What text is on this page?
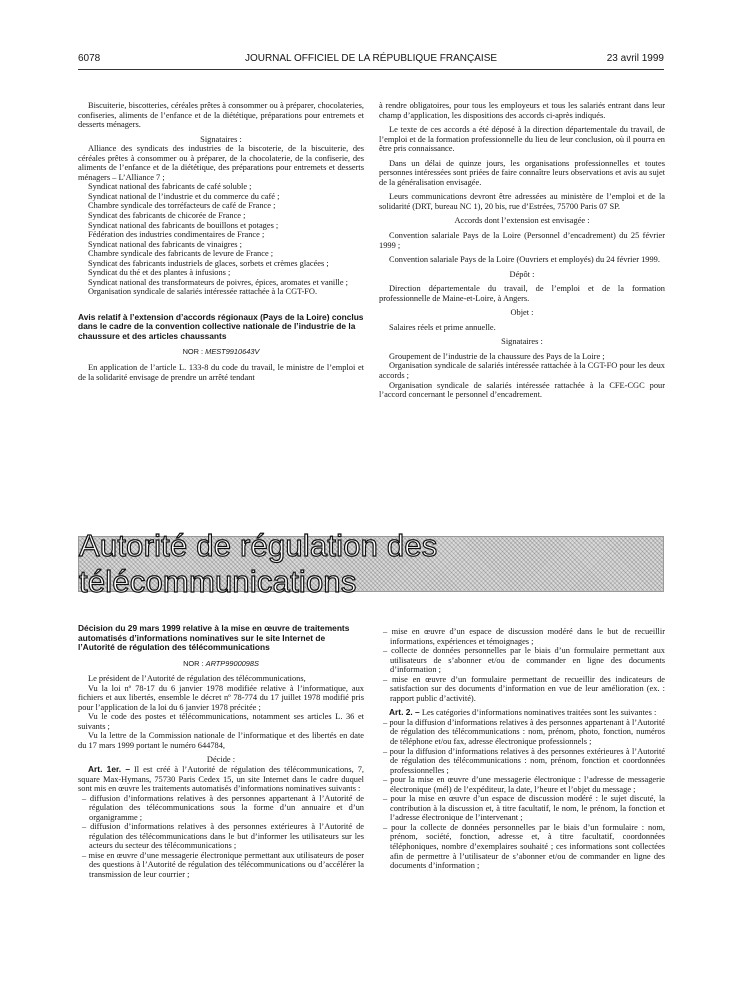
6078	JOURNAL OFFICIEL DE LA RÉPUBLIQUE FRANÇAISE	23 avril 1999

Biscuiterie, biscotteries, céréales prêtes à consommer ou à préparer, chocolateries, confiseries, aliments de l’enfance et de la diététique, préparations pour entremets et desserts ménagers.

Signataires :

Alliance des syndicats des industries de la biscoterie, de la biscuiterie, des céréales prêtes à consommer ou à préparer, de la chocolaterie, de la confiserie, des aliments de l’enfance et de la diététique, des préparations pour entremets et desserts ménagers – L’Alliance 7 ;

Syndicat national des fabricants de café soluble ;

Syndicat national de l’industrie et du commerce du café ;

Chambre syndicale des torréfacteurs de café de France ;

Syndicat des fabricants de chicorée de France ;

Syndicat national des fabricants de bouillons et potages ;

Fédération des industries condimentaires de France ;

Syndicat national des fabricants de vinaigres ;

Chambre syndicale des fabricants de levure de France ;

Syndicat des fabricants industriels de glaces, sorbets et crèmes glacées ;

Syndicat du thé et des plantes à infusions ;

Syndicat national des transformateurs de poivres, épices, aromates et vanille ;

Organisation syndicale de salariés intéressée rattachée à la CGT-FO.

Avis relatif à l’extension d’accords régionaux (Pays de la Loire) conclus dans le cadre de la convention collective nationale de l’industrie de la chaussure et des articles chaussants

NOR : MEST9910643V

En application de l’article L. 133-8 du code du travail, le ministre de l’emploi et de la solidarité envisage de prendre un arrêté tendant

à rendre obligatoires, pour tous les employeurs et tous les salariés entrant dans leur champ d’application, les dispositions des accords ci-après indiqués.

Le texte de ces accords a été déposé à la direction départementale du travail, de l’emploi et de la formation professionnelle du lieu de leur conclusion, où il pourra en être pris connaissance.

Dans un délai de quinze jours, les organisations professionnelles et toutes personnes intéressées sont priées de faire connaître leurs observations et avis au sujet de la généralisation envisagée.

Leurs communications devront être adressées au ministère de l’emploi et de la solidarité (DRT, bureau NC 1), 20 bis, rue d’Estrées, 75700 Paris 07 SP.

Accords dont l’extension est envisagée :

Convention salariale Pays de la Loire (Personnel d’encadrement) du 25 février 1999 ;

Convention salariale Pays de la Loire (Ouvriers et employés) du 24 février 1999.

Dépôt :

Direction départementale du travail, de l’emploi et de la formation professionnelle de Maine-et-Loire, à Angers.

Objet :

Salaires réels et prime annuelle.

Signataires :

Groupement de l’industrie de la chaussure des Pays de la Loire ;

Organisation syndicale de salariés intéressée rattachée à la CGT-FO pour les deux accords ;

Organisation syndicale de salariés intéressée rattachée à la CFE-CGC pour l’accord concernant le personnel d’encadrement.

Autorité de régulation des télécommunications

Décision du 29 mars 1999 relative à la mise en œuvre de traitements automatisés d’informations nominatives sur le site Internet de l’Autorité de régulation des télécommunications

NOR : ARTP9900098S

Le président de l’Autorité de régulation des télécommunications,

Vu la loi nº 78-17 du 6 janvier 1978 modifiée relative à l’informatique, aux fichiers et aux libertés, ensemble le décret nº 78-774 du 17 juillet 1978 modifié pris pour l’application de la loi du 6 janvier 1978 précitée ;

Vu le code des postes et télécommunications, notamment ses articles L. 36 et suivants ;

Vu la lettre de la Commission nationale de l’informatique et des libertés en date du 17 mars 1999 portant le numéro 644784,

Décide :

Art. 1er. – Il est créé à l’Autorité de régulation des télécommunications, 7, square Max-Hymans, 75730 Paris Cedex 15, un site Internet dans le cadre duquel sont mis en œuvre les traitements automatisés d’informations nominatives suivants :

– diffusion d’informations relatives à des personnes appartenant à l’Autorité de régulation des télécommunications sous la forme d’un annuaire et d’un organigramme ;

– diffusion d’informations relatives à des personnes extérieures à l’Autorité de régulation des télécommunications dans le but d’informer les utilisateurs sur les acteurs du secteur des télécommunications ;

– mise en œuvre d’une messagerie électronique permettant aux utilisateurs de poser des questions à l’Autorité de régulation des télécommunications ou d’accélérer la transmission de leur courrier ;

– mise en œuvre d’un espace de discussion modéré dans le but de recueillir informations, expériences et témoignages ;

– collecte de données personnelles par le biais d’un formulaire permettant aux utilisateurs de s’abonner et/ou de commander en ligne des documents d’information ;

– mise en œuvre d’un formulaire permettant de recueillir des indicateurs de satisfaction sur des documents d’information en vue de leur amélioration (ex. : rapport public d’activité).

Art. 2. – Les catégories d’informations nominatives traitées sont les suivantes :

– pour la diffusion d’informations relatives à des personnes appartenant à l’Autorité de régulation des télécommunications : nom, prénom, photo, fonction, numéros de téléphone et/ou fax, adresse électronique professionnels ;

– pour la diffusion d’informations relatives à des personnes extérieures à l’Autorité de régulation des télécommunications : nom, prénom, fonction et coordonnées professionnelles ;

– pour la mise en œuvre d’une messagerie électronique : l’adresse de messagerie électronique (mél) de l’expéditeur, la date, l’heure et l’objet du message ;

– pour la mise en œuvre d’un espace de discussion modéré : le sujet discuté, la contribution à la discussion et, à titre facultatif, le nom, le prénom, la fonction et l’adresse électronique de l’intervenant ;

– pour la collecte de données personnelles par le biais d’un formulaire : nom, prénom, société, fonction, adresse et, à titre facultatif, coordonnées téléphoniques, nombre d’exemplaires souhaité ; ces informations sont collectées afin de permettre à l’utilisateur de s’abonner et/ou de commander en ligne des documents d’information ;
